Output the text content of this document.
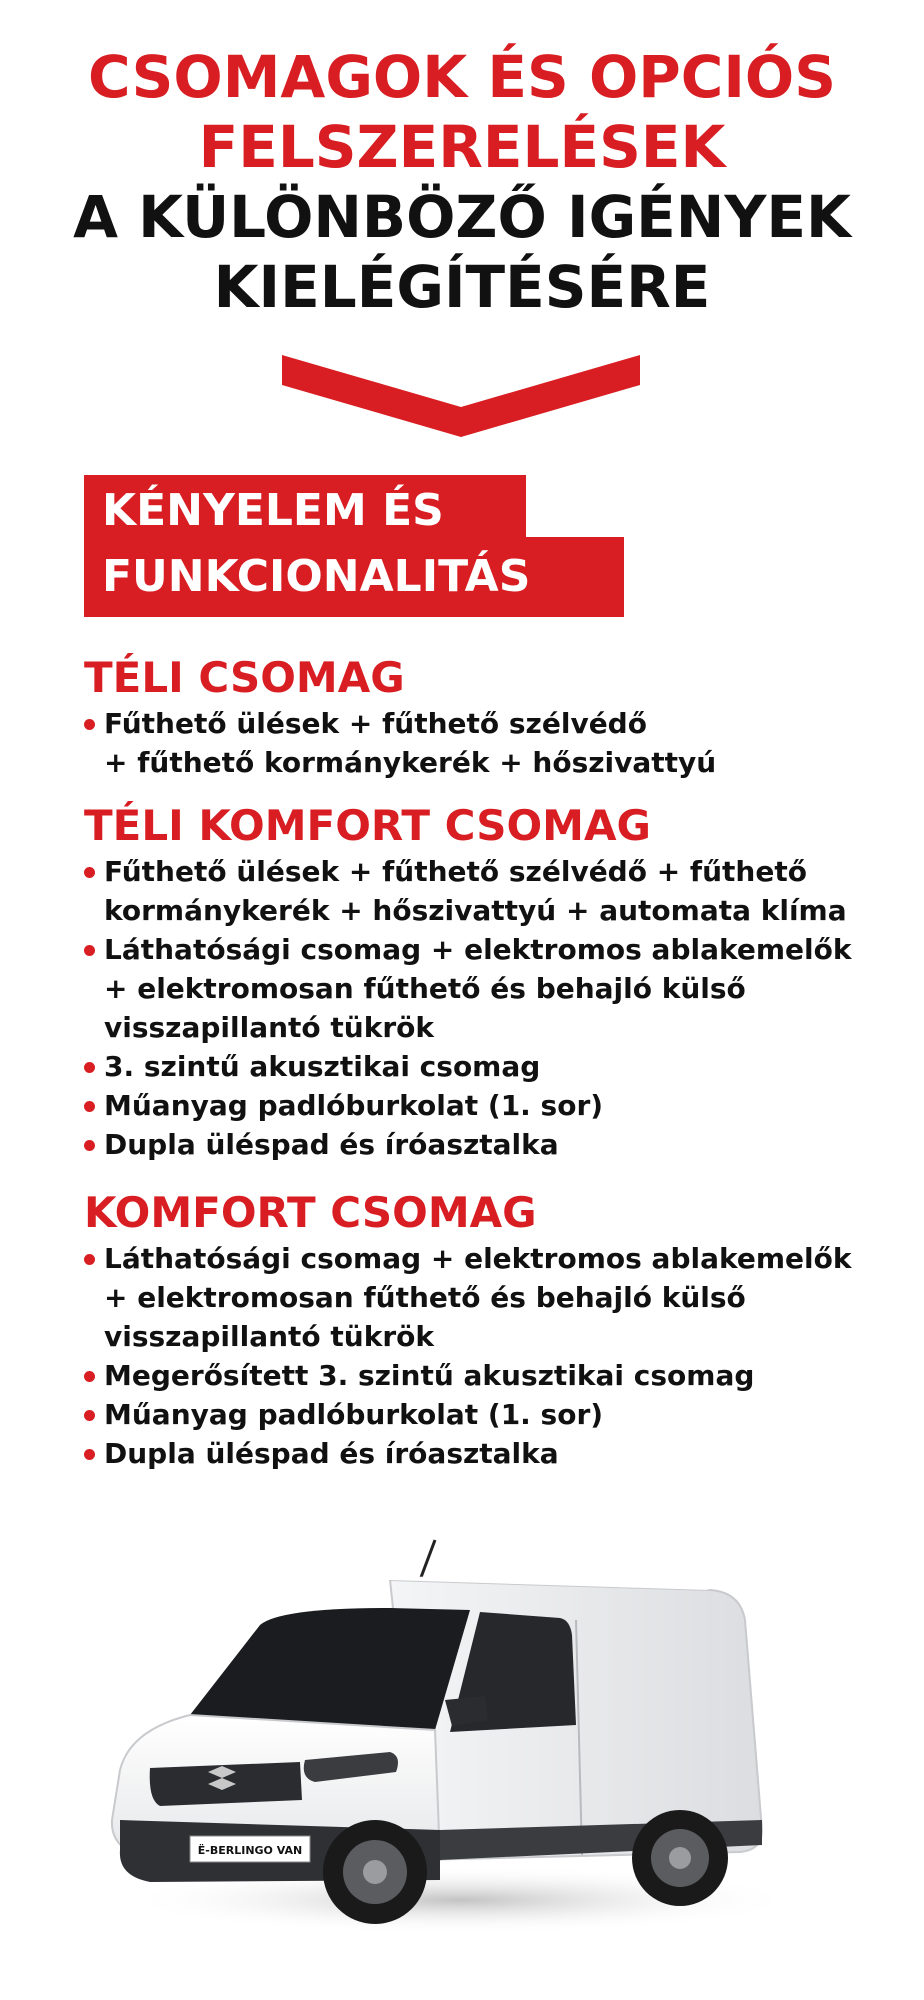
CSOMAGOK ÉS OPCIÓS
FELSZERELÉSEK
A KÜLÖNBÖZŐ IGÉNYEK
KIELÉGÍTÉSÉRE
KÉNYELEM ÉS
FUNKCIONALITÁS
TÉLI CSOMAG
Fűthető ülések + fűthető szélvédő
+ fűthető kormánykerék + hőszivattyú
TÉLI KOMFORT CSOMAG
Fűthető ülések + fűthető szélvédő + fűthető
kormánykerék + hőszivattyú + automata klíma
Láthatósági csomag + elektromos ablakemelők
+ elektromosan fűthető és behajló külső
visszapillantó tükrök
3. szintű akusztikai csomag
Műanyag padlóburkolat (1. sor)
Dupla üléspad és íróasztalka
KOMFORT CSOMAG
Láthatósági csomag + elektromos ablakemelők
+ elektromosan fűthető és behajló külső
visszapillantó tükrök
Megerősített 3. szintű akusztikai csomag
Műanyag padlóburkolat (1. sor)
Dupla üléspad és íróasztalka
Ë-BERLINGO VAN
